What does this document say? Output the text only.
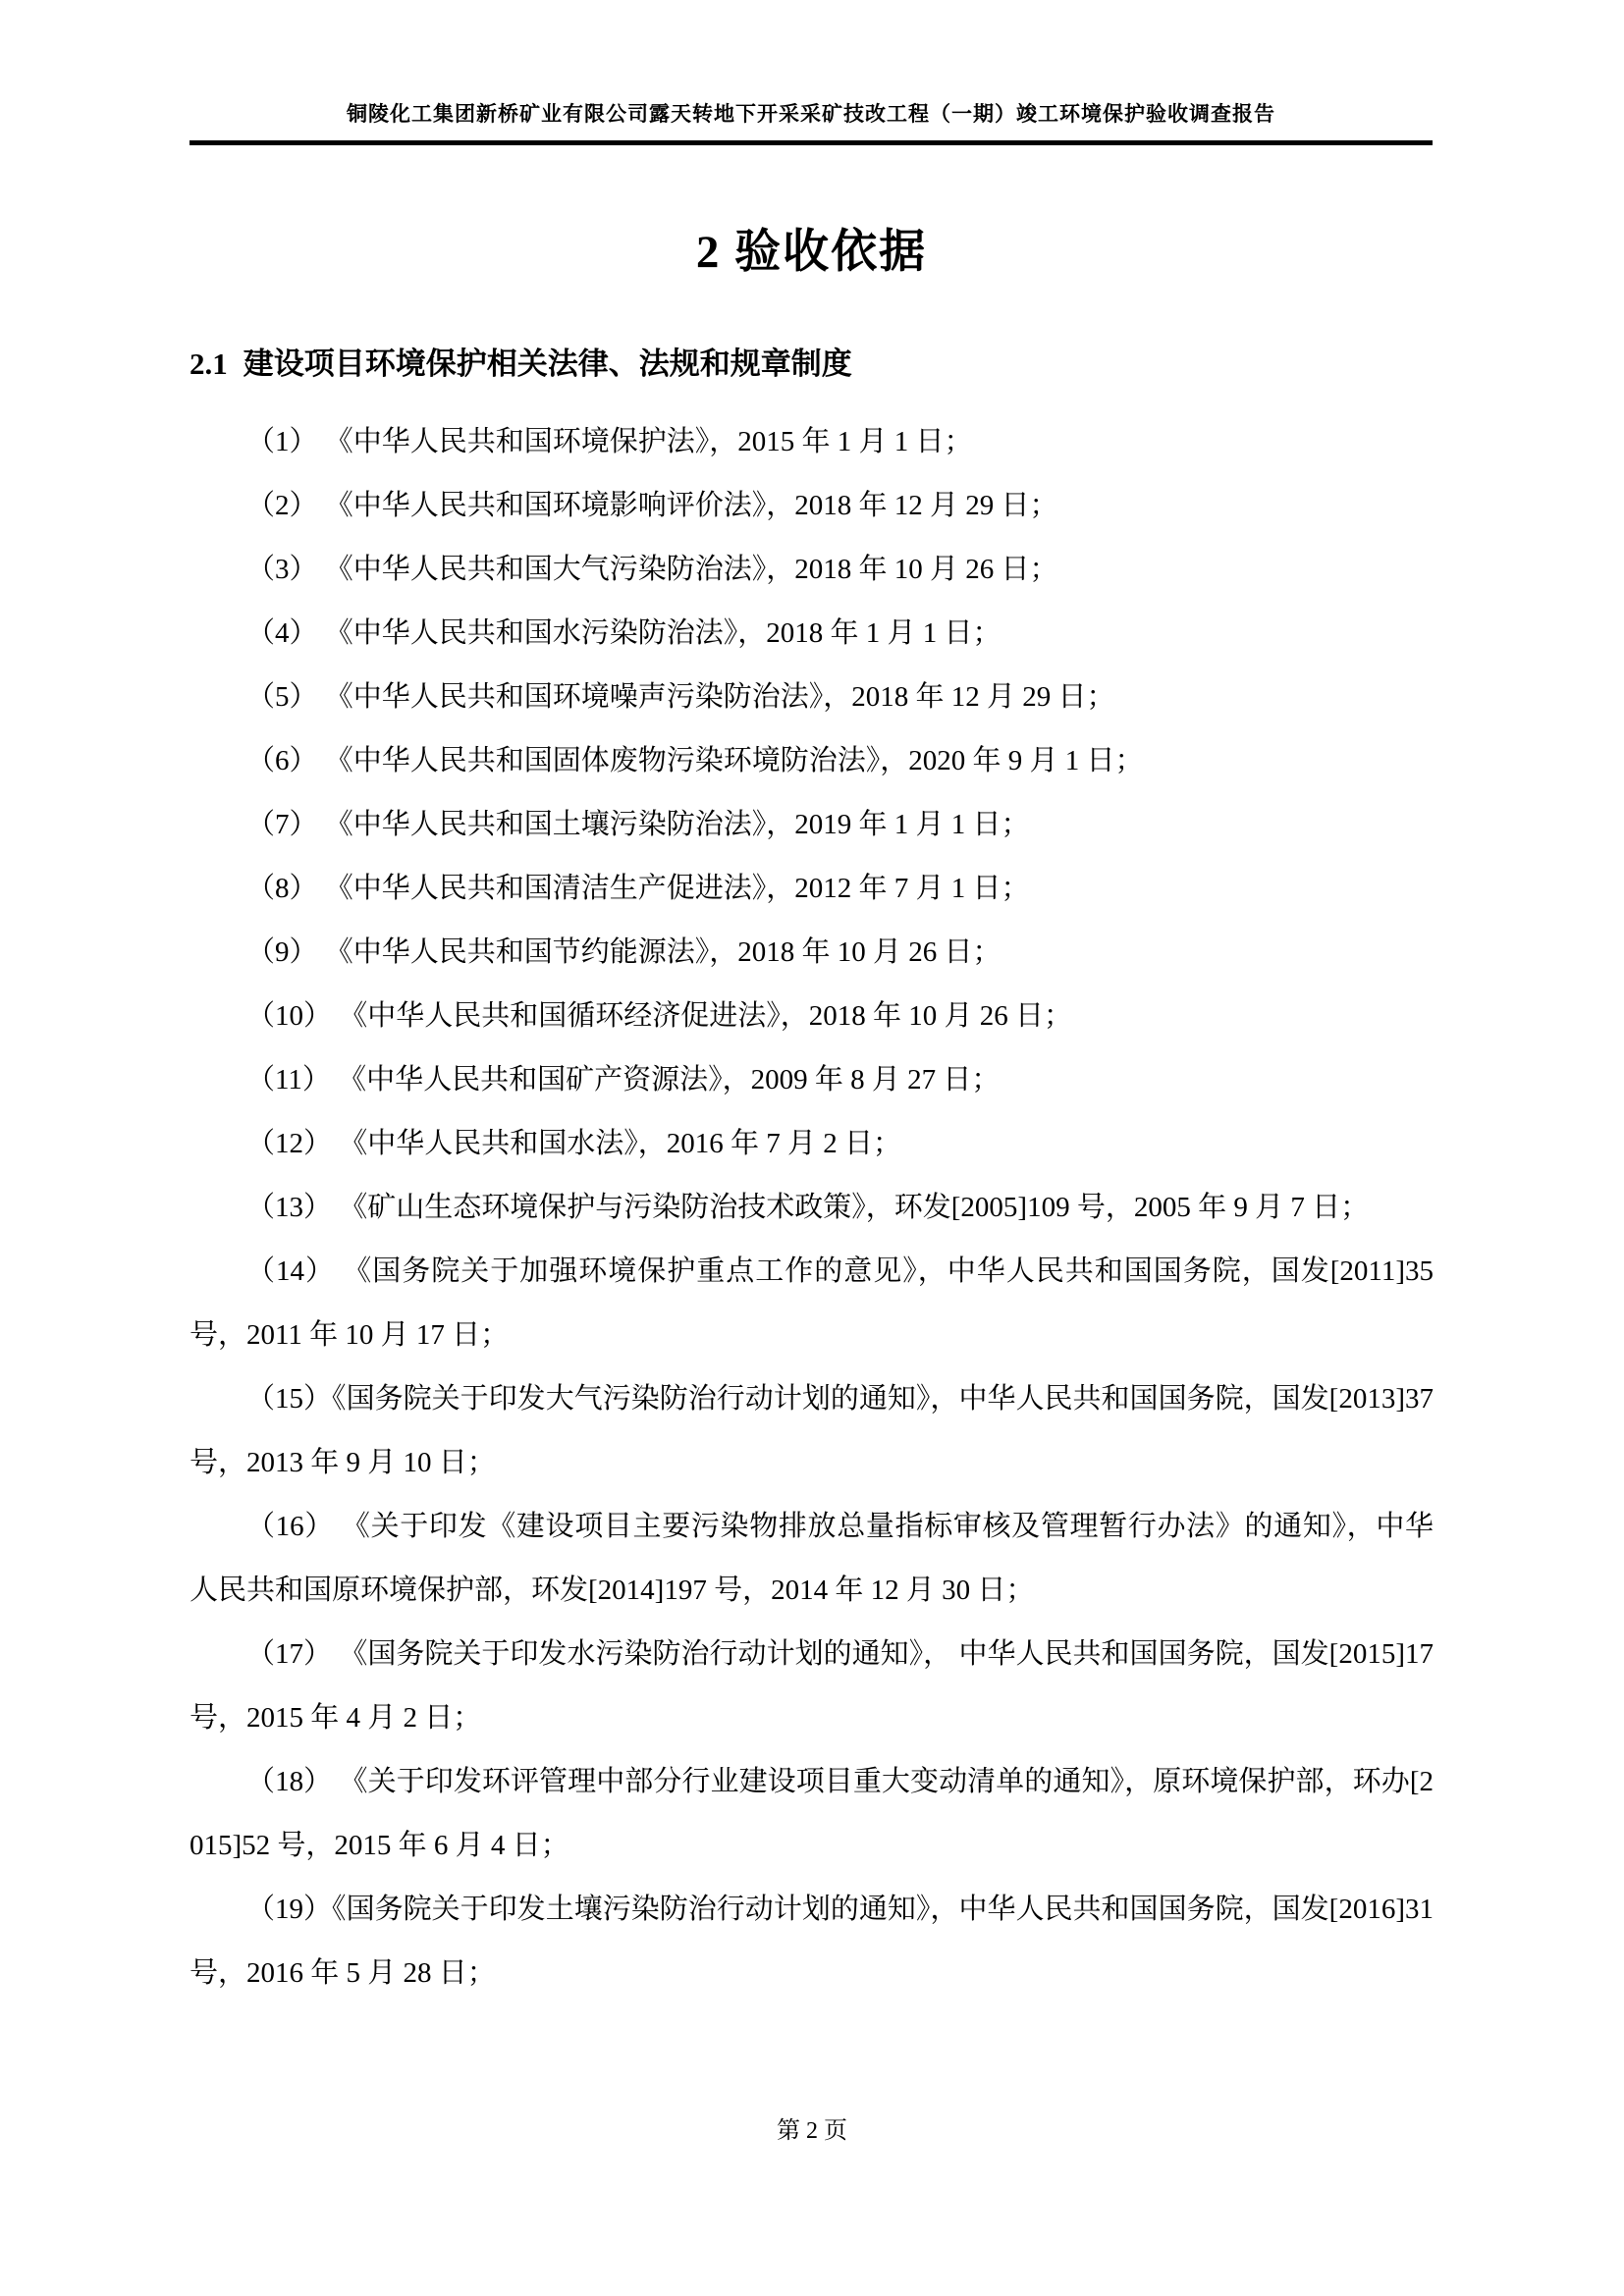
铜陵化工集团新桥矿业有限公司露天转地下开采采矿技改工程（一期）竣工环境保护验收调查报告
2 验收依据
2.1 建设项目环境保护相关法律、法规和规章制度

（1） 《中华人民共和国环境保护法》，2015 年 1 月 1 日；

（2） 《中华人民共和国环境影响评价法》，2018 年 12 月 29 日；

（3） 《中华人民共和国大气污染防治法》，2018 年 10 月 26 日；

（4） 《中华人民共和国水污染防治法》，2018 年 1 月 1 日；

（5） 《中华人民共和国环境噪声污染防治法》，2018 年 12 月 29 日；

（6） 《中华人民共和国固体废物污染环境防治法》，2020 年 9 月 1 日；

（7） 《中华人民共和国土壤污染防治法》，2019 年 1 月 1 日；

（8） 《中华人民共和国清洁生产促进法》，2012 年 7 月 1 日；

（9） 《中华人民共和国节约能源法》，2018 年 10 月 26 日；

（10） 《中华人民共和国循环经济促进法》，2018 年 10 月 26 日；

（11） 《中华人民共和国矿产资源法》，2009 年 8 月 27 日；

（12） 《中华人民共和国水法》，2016 年 7 月 2 日；

（13） 《矿山生态环境保护与污染防治技术政策》，环发[2005]109 号，2005 年 9 月 7 日；

（14） 《国务院关于加强环境保护重点工作的意见》，中华人民共和国国务院，国发[2011]35 号，2011 年 10 月 17 日；

（15）《国务院关于印发大气污染防治行动计划的通知》，中华人民共和国国务院，国发[2013]37 号，2013 年 9 月 10 日；

（16） 《关于印发《建设项目主要污染物排放总量指标审核及管理暂行办法》的通知》，中华人民共和国原环境保护部，环发[2014]197 号，2014 年 12 月 30 日；

（17） 《国务院关于印发水污染防治行动计划的通知》， 中华人民共和国国务院，国发[2015]17 号，2015 年 4 月 2 日；

（18） 《关于印发环评管理中部分行业建设项目重大变动清单的通知》，原环境保护部，环办[2015]52 号，2015 年 6 月 4 日；

（19）《国务院关于印发土壤污染防治行动计划的通知》，中华人民共和国国务院，国发[2016]31 号，2016 年 5 月 28 日；

第 2 页
